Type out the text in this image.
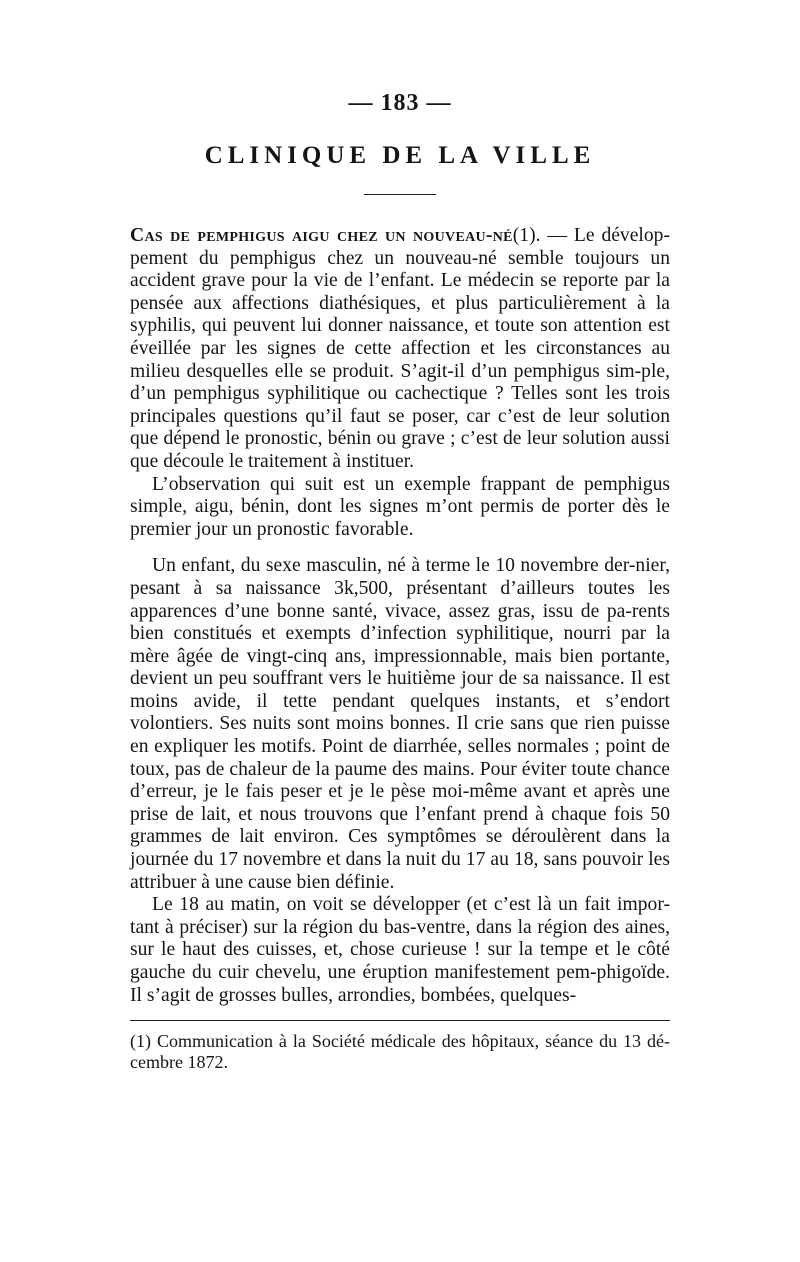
— 183 —
CLINIQUE DE LA VILLE

Cas de pemphigus aigu chez un nouveau-né(1). — Le dévelop-pement du pemphigus chez un nouveau-né semble toujours un accident grave pour la vie de l’enfant. Le médecin se reporte par la pensée aux affections diathésiques, et plus particulièrement à la syphilis, qui peuvent lui donner naissance, et toute son attention est éveillée par les signes de cette affection et les circonstances au milieu desquelles elle se produit. S’agit-il d’un pemphigus sim-ple, d’un pemphigus syphilitique ou cachectique ? Telles sont les trois principales questions qu’il faut se poser, car c’est de leur solution que dépend le pronostic, bénin ou grave ; c’est de leur solution aussi que découle le traitement à instituer.

L’observation qui suit est un exemple frappant de pemphigus simple, aigu, bénin, dont les signes m’ont permis de porter dès le premier jour un pronostic favorable.

Un enfant, du sexe masculin, né à terme le 10 novembre der-nier, pesant à sa naissance 3k,500, présentant d’ailleurs toutes les apparences d’une bonne santé, vivace, assez gras, issu de pa-rents bien constitués et exempts d’infection syphilitique, nourri par la mère âgée de vingt-cinq ans, impressionnable, mais bien portante, devient un peu souffrant vers le huitième jour de sa naissance. Il est moins avide, il tette pendant quelques instants, et s’endort volontiers. Ses nuits sont moins bonnes. Il crie sans que rien puisse en expliquer les motifs. Point de diarrhée, selles normales ; point de toux, pas de chaleur de la paume des mains. Pour éviter toute chance d’erreur, je le fais peser et je le pèse moi-même avant et après une prise de lait, et nous trouvons que l’enfant prend à chaque fois 50 grammes de lait environ. Ces symptômes se déroulèrent dans la journée du 17 novembre et dans la nuit du 17 au 18, sans pouvoir les attribuer à une cause bien définie.

Le 18 au matin, on voit se développer (et c’est là un fait impor-tant à préciser) sur la région du bas-ventre, dans la région des aines, sur le haut des cuisses, et, chose curieuse ! sur la tempe et le côté gauche du cuir chevelu, une éruption manifestement pem-phigoïde. Il s’agit de grosses bulles, arrondies, bombées, quelques-

(1) Communication à la Société médicale des hôpitaux, séance du 13 dé-cembre 1872.
